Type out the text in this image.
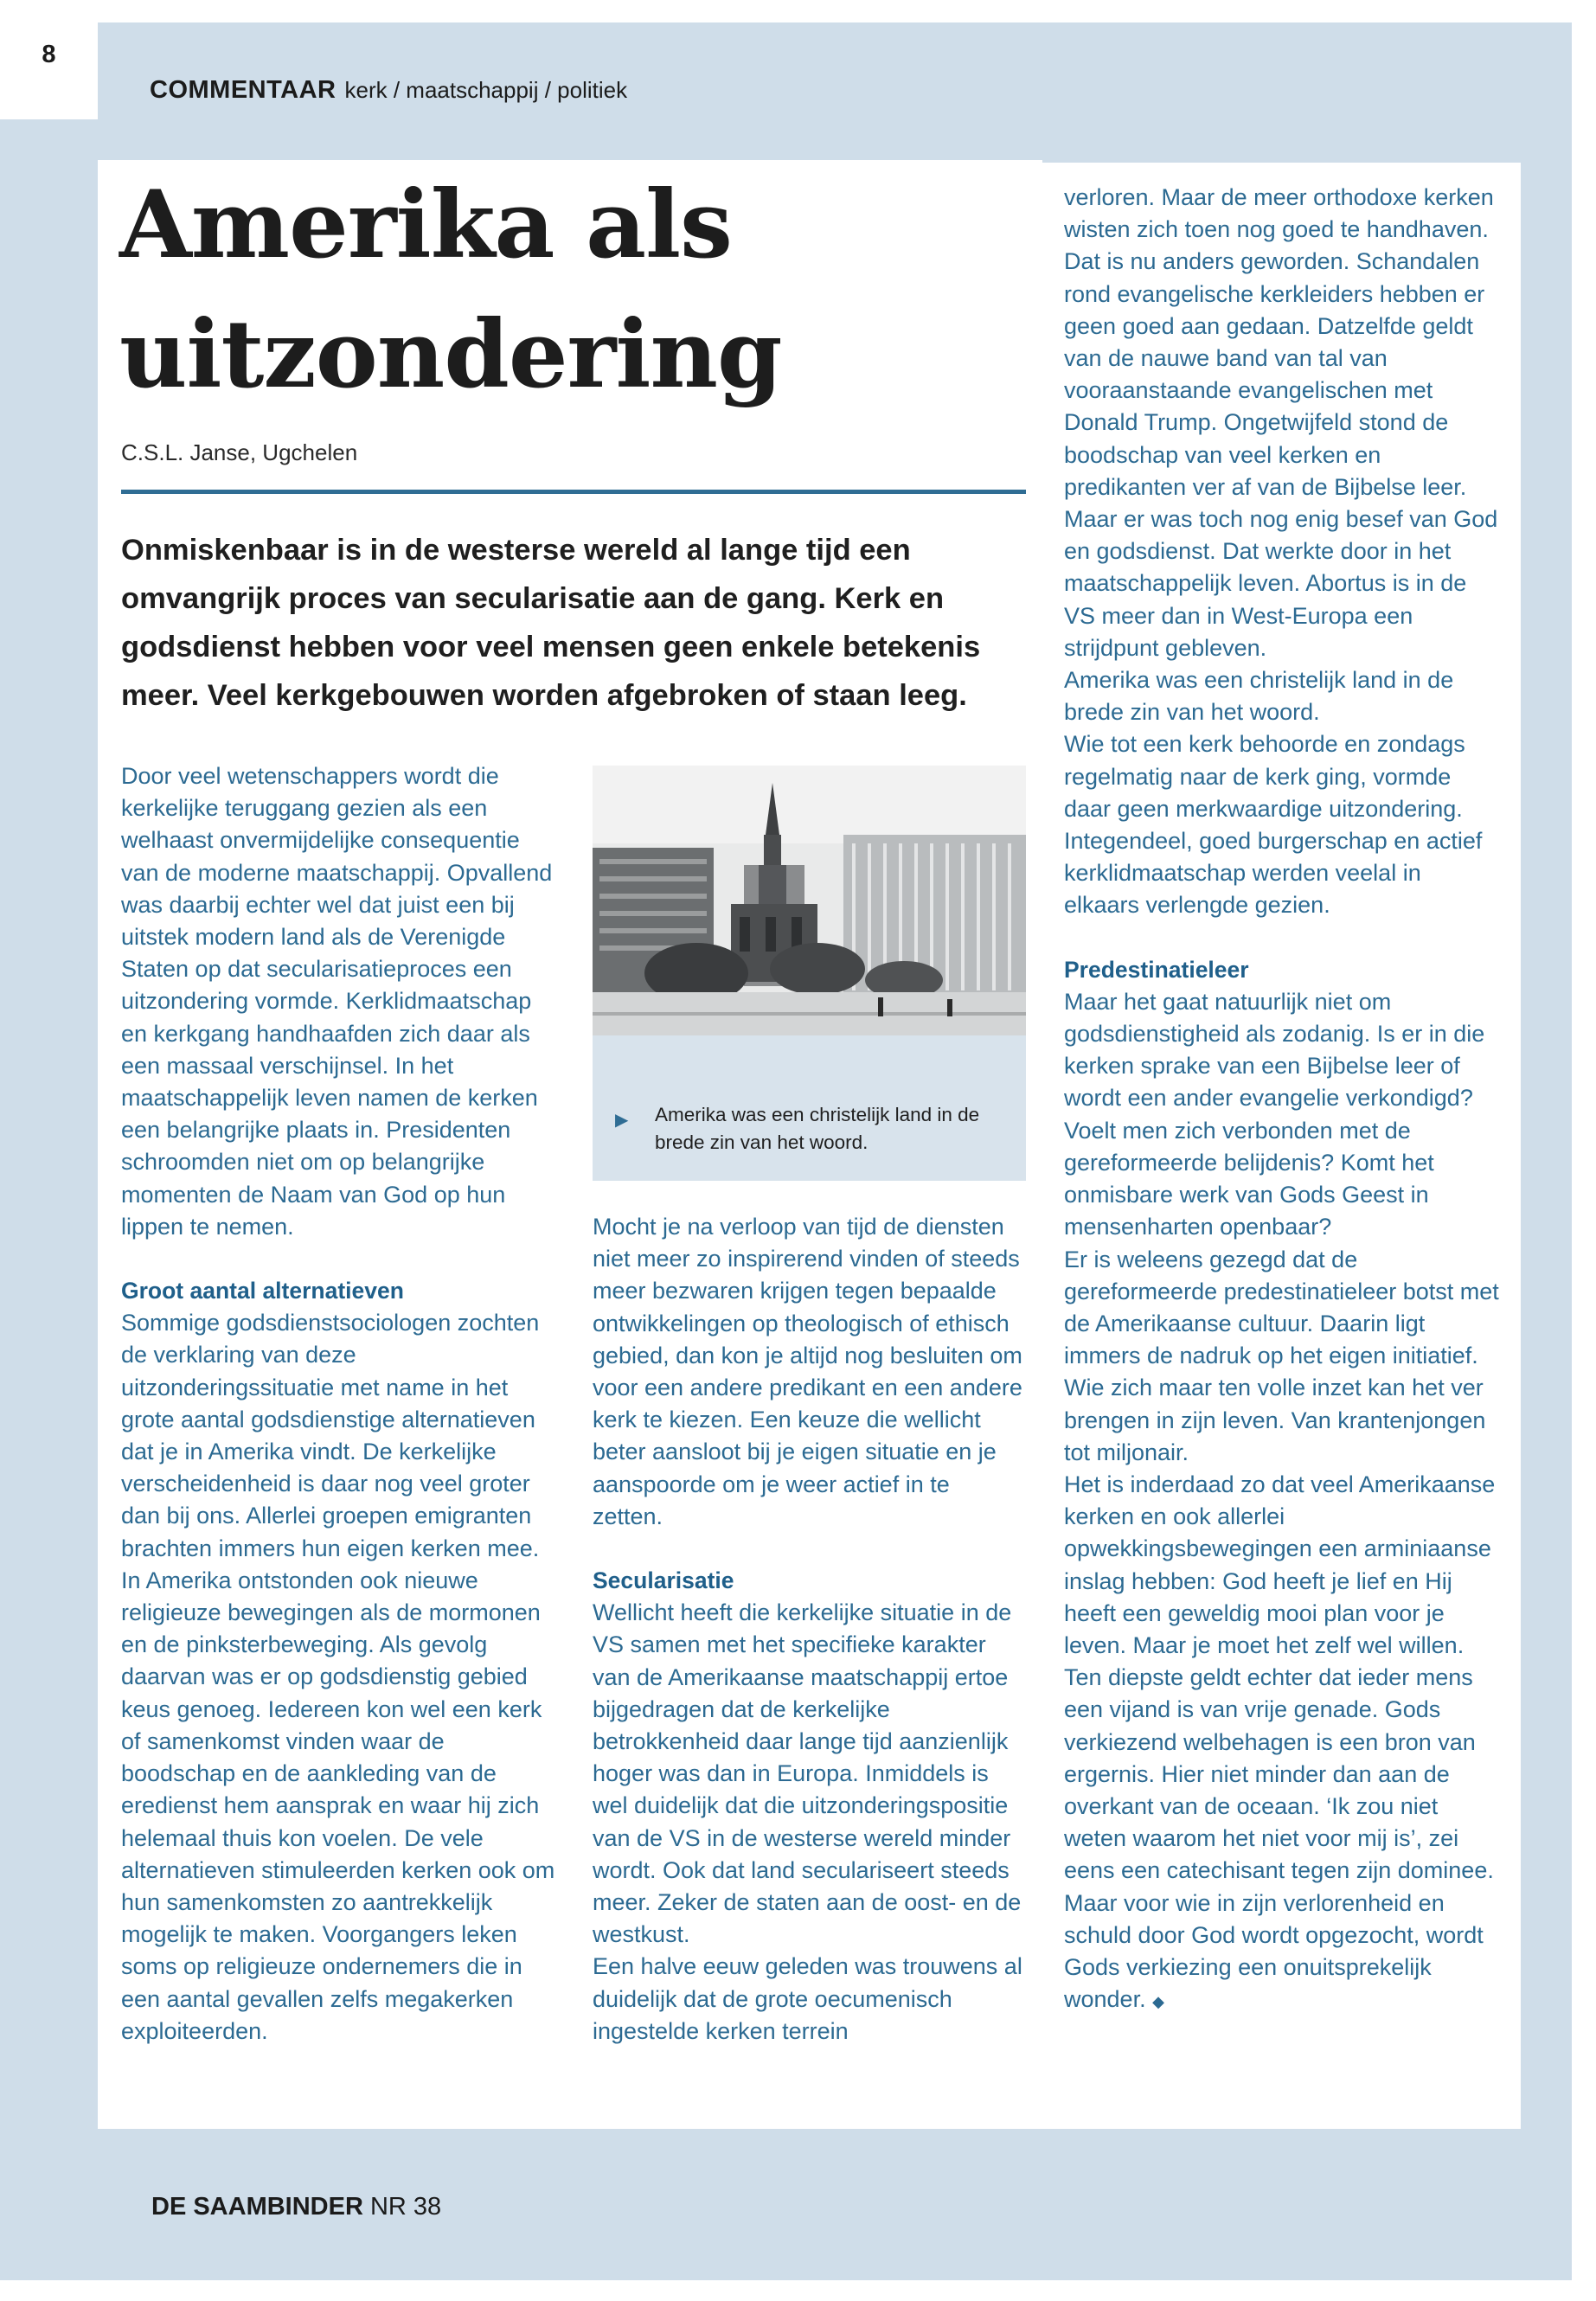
8
COMMENTAAR kerk / maatschappij / politiek
Amerika als
uitzondering
C.S.L. Janse, Ugchelen

Onmiskenbaar is in de westerse wereld al lange tijd een omvangrijk proces van secularisatie aan de gang. Kerk en godsdienst hebben voor veel mensen geen enkele betekenis meer. Veel kerkgebouwen worden afgebroken of staan leeg.

Door veel wetenschappers wordt die kerkelijke teruggang gezien als een welhaast onvermijdelijke consequentie van de moderne maatschappij. Opvallend was daarbij echter wel dat juist een bij uitstek modern land als de Verenigde Staten op dat secularisatieproces een uitzondering vormde. Kerklidmaatschap en kerkgang handhaafden zich daar als een massaal verschijnsel. In het maatschappelijk leven namen de kerken een belangrijke plaats in. Presidenten schroomden niet om op belangrijke momenten de Naam van God op hun lippen te nemen.

Groot aantal alternatieven

Sommige godsdienstsociologen zochten de verklaring van deze uitzonderingssituatie met name in het grote aantal godsdienstige alternatieven dat je in Amerika vindt. De kerkelijke verscheidenheid is daar nog veel groter dan bij ons. Allerlei groepen emigranten brachten immers hun eigen kerken mee. In Amerika ontstonden ook nieuwe religieuze bewegingen als de mormonen en de pinksterbeweging. Als gevolg daarvan was er op godsdienstig gebied keus genoeg. Iedereen kon wel een kerk of samenkomst vinden waar de boodschap en de aankleding van de eredienst hem aansprak en waar hij zich helemaal thuis kon voelen. De vele alternatieven stimuleerden kerken ook om hun samenkomsten zo aantrekkelijk mogelijk te maken. Voorgangers leken soms op religieuze ondernemers die in een aantal gevallen zelfs megakerken exploiteerden.

▶ Amerika was een christelijk land in de brede zin van het woord.

Mocht je na verloop van tijd de diensten niet meer zo inspirerend vinden of steeds meer bezwaren krijgen tegen bepaalde ontwikkelingen op theologisch of ethisch gebied, dan kon je altijd nog besluiten om voor een andere predikant en een andere kerk te kiezen. Een keuze die wellicht beter aansloot bij je eigen situatie en je aanspoorde om je weer actief in te zetten.

Secularisatie

Wellicht heeft die kerkelijke situatie in de VS samen met het specifieke karakter van de Amerikaanse maatschappij ertoe bijgedragen dat de kerkelijke betrokkenheid daar lange tijd aanzienlijk hoger was dan in Europa. Inmiddels is wel duidelijk dat die uitzonderingspositie van de VS in de westerse wereld minder wordt. Ook dat land seculariseert steeds meer. Zeker de staten aan de oost- en de westkust.

Een halve eeuw geleden was trouwens al duidelijk dat de grote oecumenisch ingestelde kerken terrein

verloren. Maar de meer orthodoxe kerken wisten zich toen nog goed te handhaven. Dat is nu anders geworden. Schandalen rond evangelische kerkleiders hebben er geen goed aan gedaan. Datzelfde geldt van de nauwe band van tal van vooraanstaande evangelischen met Donald Trump. Ongetwijfeld stond de boodschap van veel kerken en predikanten ver af van de Bijbelse leer. Maar er was toch nog enig besef van God en godsdienst. Dat werkte door in het maatschappelijk leven. Abortus is in de VS meer dan in West-Europa een strijdpunt gebleven.

Amerika was een christelijk land in de brede zin van het woord.

Wie tot een kerk behoorde en zondags regelmatig naar de kerk ging, vormde daar geen merkwaardige uitzondering. Integendeel, goed burgerschap en actief kerklidmaatschap werden veelal in elkaars verlengde gezien.

Predestinatieleer

Maar het gaat natuurlijk niet om godsdienstigheid als zodanig. Is er in die kerken sprake van een Bijbelse leer of wordt een ander evangelie verkondigd? Voelt men zich verbonden met de gereformeerde belijdenis? Komt het onmisbare werk van Gods Geest in mensenharten openbaar?

Er is weleens gezegd dat de gereformeerde predestinatieleer botst met de Amerikaanse cultuur. Daarin ligt immers de nadruk op het eigen initiatief. Wie zich maar ten volle inzet kan het ver brengen in zijn leven. Van krantenjongen tot miljonair.

Het is inderdaad zo dat veel Amerikaanse kerken en ook allerlei opwekkingsbewegingen een arminiaanse inslag hebben: God heeft je lief en Hij heeft een geweldig mooi plan voor je leven. Maar je moet het zelf wel willen.

Ten diepste geldt echter dat ieder mens een vijand is van vrije genade. Gods verkiezend welbehagen is een bron van ergernis. Hier niet minder dan aan de overkant van de oceaan. ‘Ik zou niet weten waarom het niet voor mij is’, zei eens een catechisant tegen zijn dominee. Maar voor wie in zijn verlorenheid en schuld door God wordt opgezocht, wordt Gods verkiezing een onuitsprekelijk wonder. ◆

DE SAAMBINDER NR 38
